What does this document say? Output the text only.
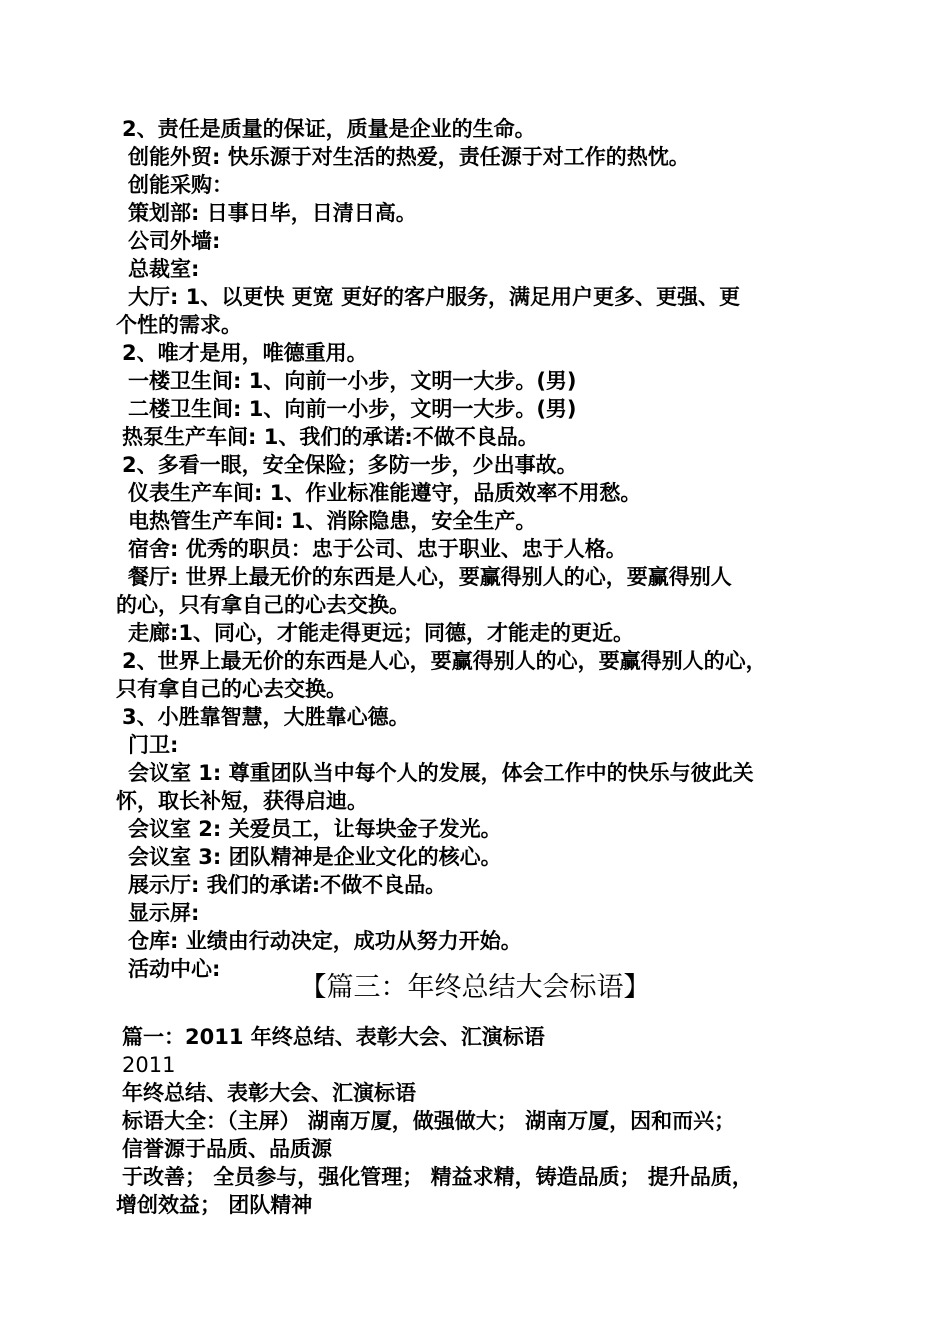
2、责任是质量的保证，质量是企业的生命。
创能外贸: 快乐源于对生活的热爱，责任源于对工作的热忱。
创能采购：
策划部: 日事日毕，日清日高。
公司外墙:
总裁室:
大厅: 1、以更快 更宽 更好的客户服务，满足用户更多、更强、更
个性的需求。
2、唯才是用，唯德重用。
一楼卫生间: 1、向前一小步，文明一大步。(男)
二楼卫生间: 1、向前一小步，文明一大步。(男)
热泵生产车间: 1、我们的承诺:不做不良品。
2、多看一眼，安全保险；多防一步，少出事故。
仪表生产车间: 1、作业标准能遵守，品质效率不用愁。
电热管生产车间: 1、消除隐患，安全生产。
宿舍: 优秀的职员：忠于公司、忠于职业、忠于人格。
餐厅: 世界上最无价的东西是人心，要赢得别人的心，要赢得别人
的心，只有拿自己的心去交换。
走廊:1、同心，才能走得更远；同德，才能走的更近。
2、世界上最无价的东西是人心，要赢得别人的心，要赢得别人的心，
只有拿自己的心去交换。
3、小胜靠智慧，大胜靠心德。
门卫:
会议室 1: 尊重团队当中每个人的发展，体会工作中的快乐与彼此关
怀，取长补短，获得启迪。
会议室 2: 关爱员工，让每块金子发光。
会议室 3: 团队精神是企业文化的核心。
展示厅: 我们的承诺:不做不良品。
显示屏:
仓库: 业绩由行动决定，成功从努力开始。
活动中心:
【篇三：年终总结大会标语】
篇一：2011 年终总结、表彰大会、汇演标语
2011
年终总结、表彰大会、汇演标语
标语大全：（主屏） 湖南万厦，做强做大； 湖南万厦，因和而兴；
信誉源于品质、品质源
于改善； 全员参与，强化管理； 精益求精，铸造品质； 提升品质，
增创效益； 团队精神
